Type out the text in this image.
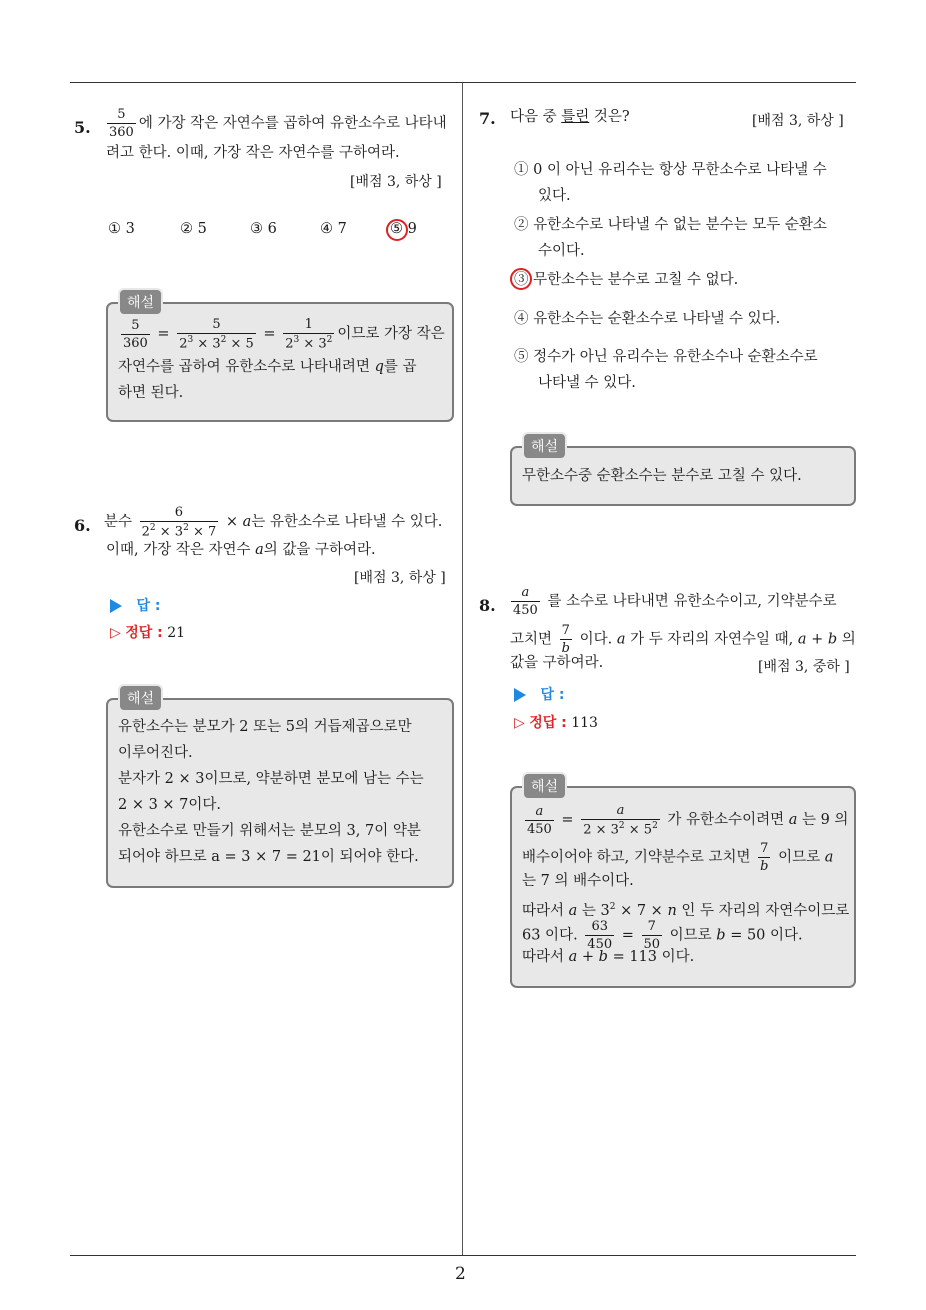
2
5. $\frac{5}{360}$ 에 가장 작은 자연수를 곱하여 유한소수로 나타내
려고 한다. 이때, 가장 작은 자연수를 구하여라.
[배점 3, 하상 ]
① 3	② 5	③ 6	④ 7	⑤ 9
해설
$\frac{5}{360} = \frac{5}{2^3 \times 3^2 \times 5} = \frac{1}{2^3 \times 3^2}$ 이므로 가장 작은
자연수를 곱하여 유한소수로 나타내려면 q를 곱
하면 된다.
6. 분수 $\frac{6}{2^2 \times 3^2 \times 7} \times a$는 유한소수로 나타낼 수 있다.
이때, 가장 작은 자연수 a의 값을 구하여라.
[배점 3, 하상 ]
답 :
▷ 정답 : 21
해설
유한소수는 분모가 2 또는 5의 거듭제곱으로만
이루어진다.
분자가 2 × 3이므로, 약분하면 분모에 남는 수는
2 × 3 × 7이다.
유한소수로 만들기 위해서는 분모의 3, 7이 약분
되어야 하므로 a = 3 × 7 = 21이 되어야 한다.
7. 다음 중 틀린 것은?	[배점 3, 하상 ]
① 0 이 아닌 유리수는 항상 무한소수로 나타낼 수
있다.
② 유한소수로 나타낼 수 없는 분수는 모두 순환소
수이다.
③ 무한소수는 분수로 고칠 수 없다.
④ 유한소수는 순환소수로 나타낼 수 있다.
⑤ 정수가 아닌 유리수는 유한소수나 순환소수로
나타낼 수 있다.
해설
무한소수중 순환소수는 분수로 고칠 수 있다.
8. $\frac{a}{450}$ 를 소수로 나타내면 유한소수이고, 기약분수로
고치면 $\frac{7}{b}$ 이다. a 가 두 자리의 자연수일 때, a + b 의
값을 구하여라.	[배점 3, 중하 ]
답 :
▷ 정답 : 113
해설
$\frac{a}{450} = \frac{a}{2 \times 3^2 \times 5^2}$ 가 유한소수이려면 a 는 9 의
배수이어야 하고, 기약분수로 고치면 $\frac{7}{b}$ 이므로 a
는 7 의 배수이다.
따라서 a 는 $3^2 \times 7 \times n$ 인 두 자리의 자연수이므로
63 이다. $\frac{63}{450} = \frac{7}{50}$ 이므로 b = 50 이다.
따라서 a + b = 113 이다.
